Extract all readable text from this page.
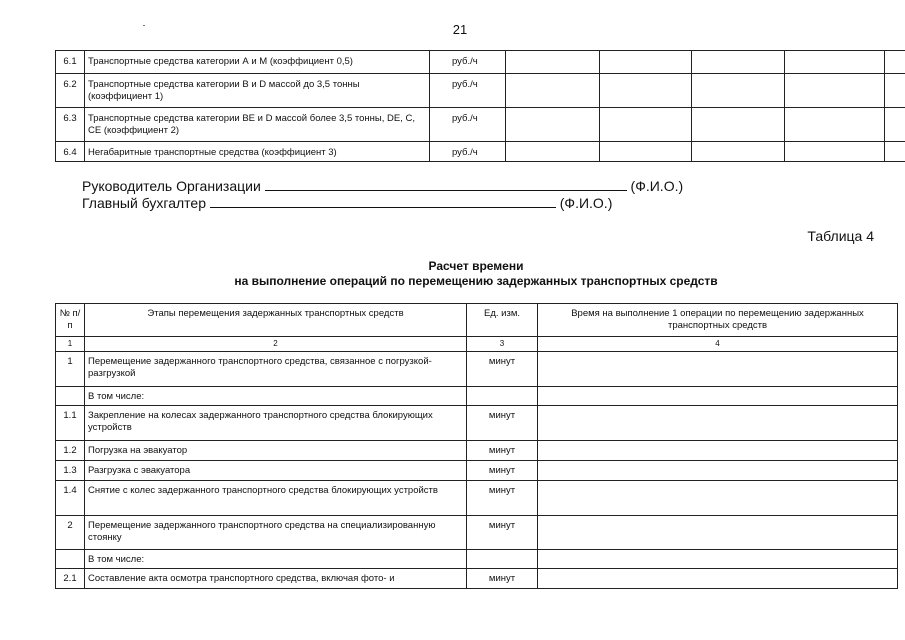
21
6.1	Транспортные средства категории А и М (коэффициент 0,5)	руб./ч					
6.2	Транспортные средства категории В и D массой до 3,5 тонны (коэффициент 1)	руб./ч					
6.3	Транспортные средства категории ВЕ и D массой более 3,5 тонны, DE, С, СЕ (коэффициент 2)	руб./ч					
6.4	Негабаритные транспортные средства (коэффициент 3)	руб./ч					
Руководитель Организации	(Ф.И.О.)
Главный бухгалтер	(Ф.И.О.)
Таблица 4
Расчет времени
на выполнение операций по перемещению задержанных транспортных средств
№ п/п	Этапы перемещения задержанных транспортных средств	Ед. изм.	Время на выполнение 1 операции по перемещению задержанных транспортных средств
1	2	3	4
1	Перемещение задержанного транспортного средства, связанное с погрузкой-разгрузкой	минут	
	В том числе:		
1.1	Закрепление на колесах задержанного транспортного средства блокирующих устройств	минут	
1.2	Погрузка на эвакуатор	минут	
1.3	Разгрузка с эвакуатора	минут	
1.4	Снятие с колес задержанного транспортного средства блокирующих устройств	минут	
2	Перемещение задержанного транспортного средства на специализированную стоянку	минут	
	В том числе:		
2.1	Составление акта осмотра транспортного средства, включая фото- и	минут	
